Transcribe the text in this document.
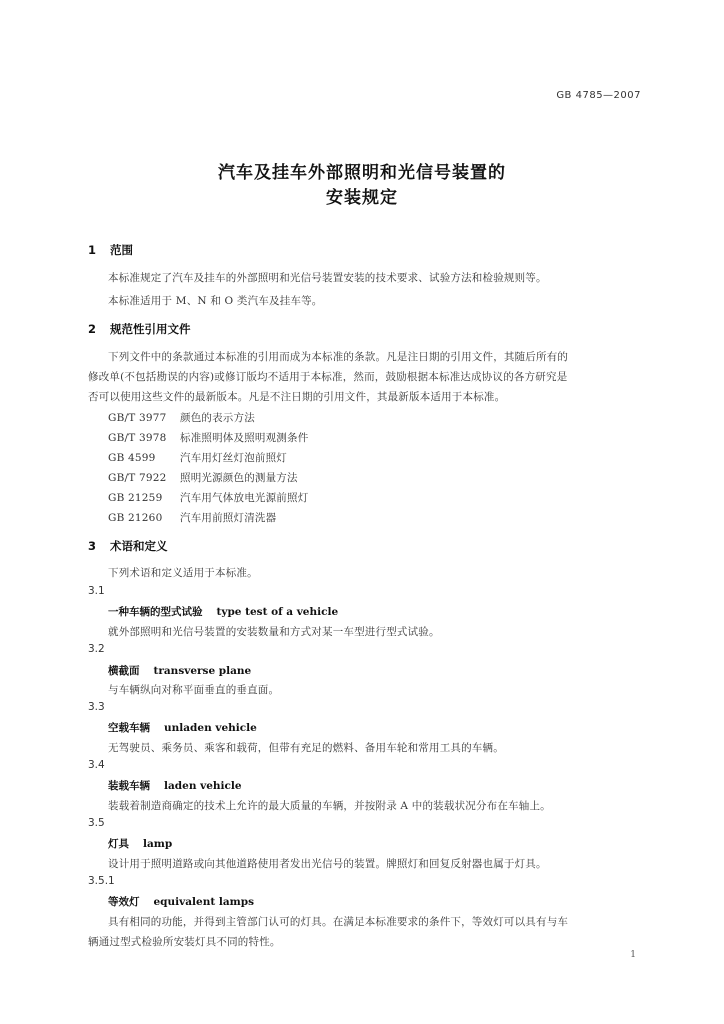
GB 4785—2007
汽车及挂车外部照明和光信号装置的
安装规定
1 范围
本标准规定了汽车及挂车的外部照明和光信号装置安装的技术要求、试验方法和检验规则等。
本标准适用于 M、N 和 O 类汽车及挂车等。
2 规范性引用文件
下列文件中的条款通过本标准的引用而成为本标准的条款。凡是注日期的引用文件，其随后所有的
修改单(不包括勘误的内容)或修订版均不适用于本标准，然而，鼓励根据本标准达成协议的各方研究是
否可以使用这些文件的最新版本。凡是不注日期的引用文件，其最新版本适用于本标准。
GB/T 3977 颜色的表示方法
GB/T 3978 标准照明体及照明观测条件
GB 4599 汽车用灯丝灯泡前照灯
GB/T 7922 照明光源颜色的测量方法
GB 21259 汽车用气体放电光源前照灯
GB 21260 汽车用前照灯清洗器
3 术语和定义
下列术语和定义适用于本标准。
3.1
一种车辆的型式试验 type test of a vehicle
就外部照明和光信号装置的安装数量和方式对某一车型进行型式试验。
3.2
横截面 transverse plane
与车辆纵向对称平面垂直的垂直面。
3.3
空载车辆 unladen vehicle
无驾驶员、乘务员、乘客和载荷，但带有充足的燃料、备用车轮和常用工具的车辆。
3.4
装载车辆 laden vehicle
装载着制造商确定的技术上允许的最大质量的车辆，并按附录 A 中的装载状况分布在车轴上。
3.5
灯具 lamp
设计用于照明道路或向其他道路使用者发出光信号的装置。牌照灯和回复反射器也属于灯具。
3.5.1
等效灯 equivalent lamps
具有相同的功能，并得到主管部门认可的灯具。在满足本标准要求的条件下，等效灯可以具有与车
辆通过型式检验所安装灯具不同的特性。
1
